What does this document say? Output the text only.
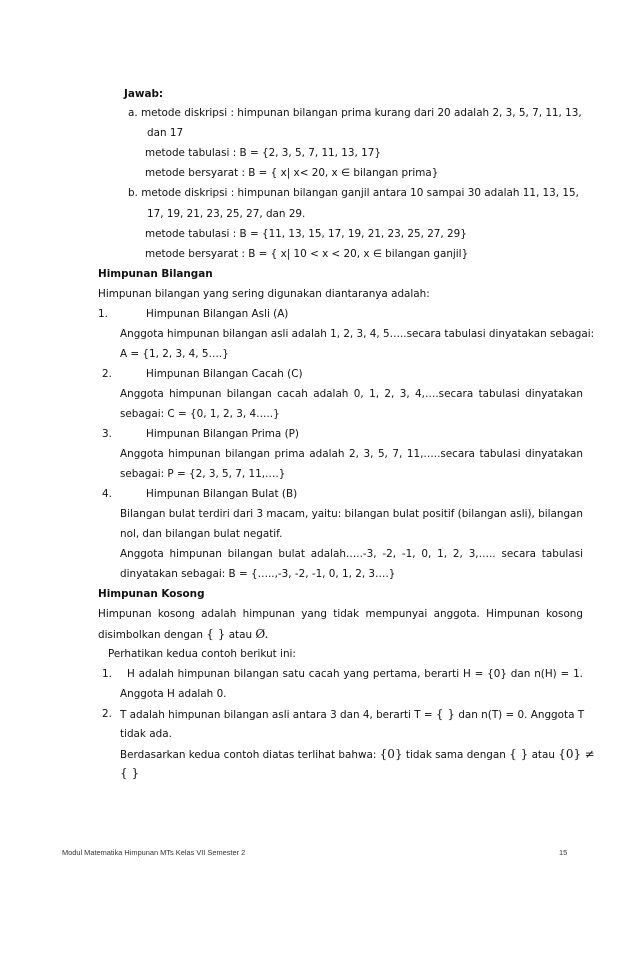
Jawab:
a. metode diskripsi : himpunan bilangan prima kurang dari 20 adalah 2, 3, 5, 7, 11, 13,
dan 17
metode tabulasi : B = {2, 3, 5, 7, 11, 13, 17}
metode bersyarat : B = { x| x< 20, x ∈ bilangan prima}
b. metode diskripsi : himpunan bilangan ganjil antara 10 sampai 30 adalah 11, 13, 15,
17, 19, 21, 23, 25, 27, dan 29.
metode tabulasi : B = {11, 13, 15, 17, 19, 21, 23, 25, 27, 29}
metode bersyarat : B = { x| 10 < x < 20, x ∈ bilangan ganjil}
Himpunan Bilangan
Himpunan bilangan yang sering digunakan diantaranya adalah:
1.	Himpunan Bilangan Asli (A)
Anggota himpunan bilangan asli adalah 1, 2, 3, 4, 5…..secara tabulasi dinyatakan sebagai:
A = {1, 2, 3, 4, 5….}
2.	Himpunan Bilangan Cacah (C)
Anggota himpunan bilangan cacah adalah 0, 1, 2, 3, 4,….secara tabulasi dinyatakan
sebagai: C = {0, 1, 2, 3, 4…..}
3.	Himpunan Bilangan Prima (P)
Anggota himpunan bilangan prima adalah 2, 3, 5, 7, 11,…..secara tabulasi dinyatakan
sebagai: P = {2, 3, 5, 7, 11,….}
4.	Himpunan Bilangan Bulat (B)
Bilangan bulat terdiri dari 3 macam, yaitu: bilangan bulat positif (bilangan asli), bilangan
nol, dan bilangan bulat negatif.
Anggota himpunan bilangan bulat adalah…..-3, -2, -1, 0, 1, 2, 3,….. secara tabulasi
dinyatakan sebagai: B = {…..,-3, -2, -1, 0, 1, 2, 3….}
Himpunan Kosong
Himpunan kosong adalah himpunan yang tidak mempunyai anggota. Himpunan kosong
disimbolkan dengan { } atau Ø.
Perhatikan kedua contoh berikut ini:
1. H adalah himpunan bilangan satu cacah yang pertama, berarti H = {0} dan n(H) = 1.
Anggota H adalah 0.
2. T adalah himpunan bilangan asli antara 3 dan 4, berarti T = { } dan n(T) = 0. Anggota T
tidak ada.
Berdasarkan kedua contoh diatas terlihat bahwa: {0} tidak sama dengan { } atau {0} ≠
{ }
Modul Matematika Himpunan MTs Kelas VII Semester 2	15
